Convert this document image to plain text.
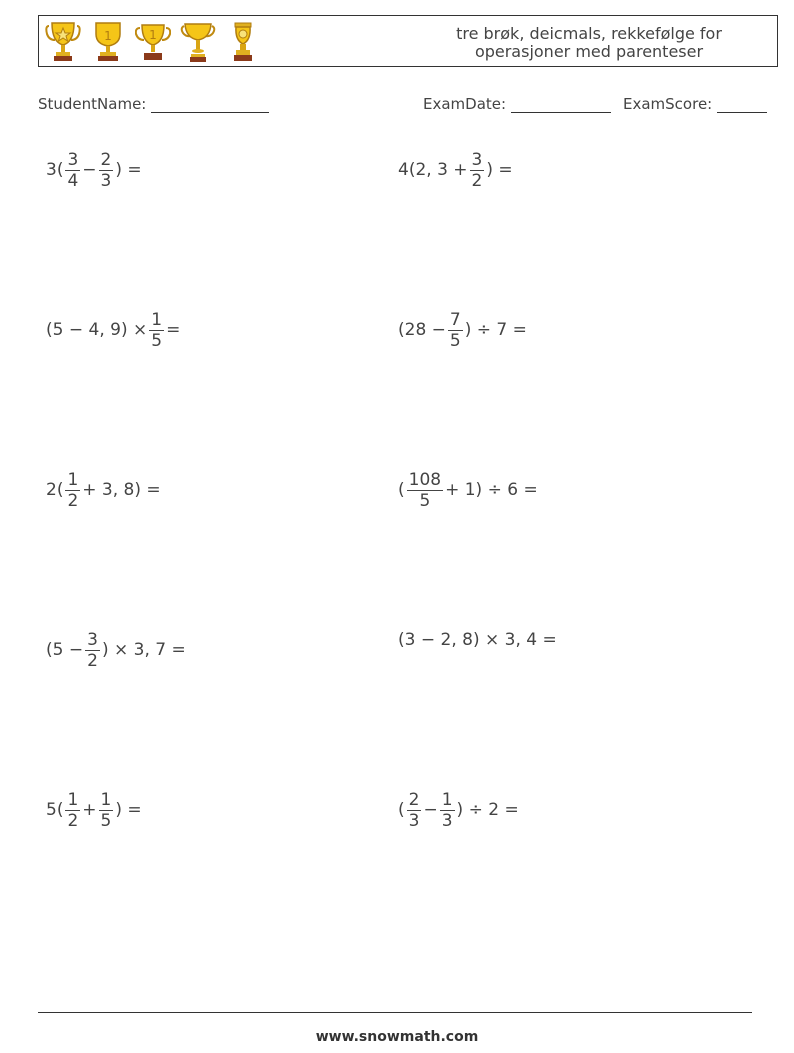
1	1	tre brøk, deicmals, rekkefølge for
operasjoner med parenteser
StudentName:	ExamDate:	ExamScore:
$3( \frac{3}{4} - \frac{2}{3}$ ) =	4(2, $3 + \frac{3}{2}$ ) =
(5 − 4, $9) \times \frac{1}{5}$ =	($28 - \frac{7}{5}$ ) ÷ 7 =
$2( \frac{1}{2} + 3$, 8) =	( $\frac{108}{5} + 1) \div 6$ =
($5 - \frac{3}{2}$ ) × 3, 7 =	(3 − 2, 8) × 3, 4 =
$5( \frac{1}{2} + \frac{1}{5}$ ) =	( $\frac{2}{3} - \frac{1}{3}$ ) ÷ 2 =
www.snowmath.com
